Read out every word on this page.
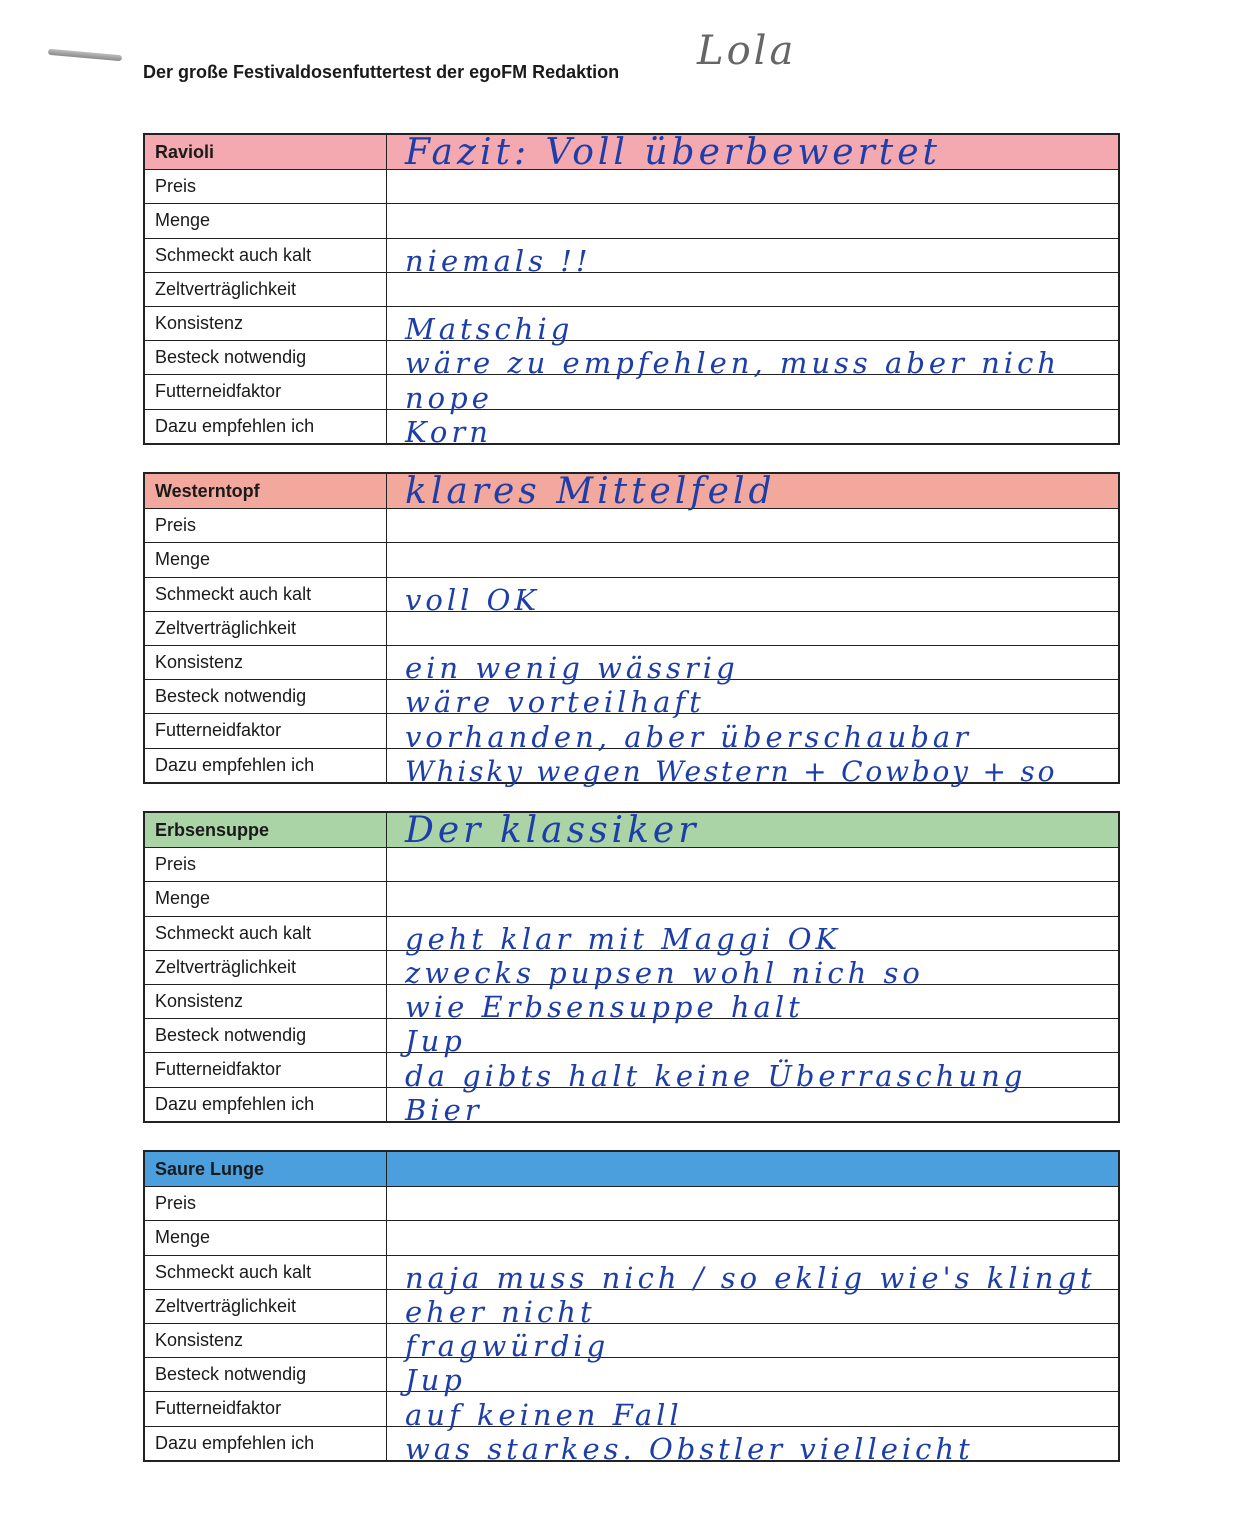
Der große Festivaldosenfuttertest der egoFM Redaktion Lola
Ravioli	Fazit: Voll überbewertet
Preis
Menge
Schmeckt auch kalt	niemals !!
Zeltverträglichkeit
Konsistenz	Matschig
Besteck notwendig	wäre zu empfehlen, muss aber nich
Futterneidfaktor	nope
Dazu empfehlen ich	Korn
Westerntopf	klares Mittelfeld
Preis
Menge
Schmeckt auch kalt	voll OK
Zeltverträglichkeit
Konsistenz	ein wenig wässrig
Besteck notwendig	wäre vorteilhaft
Futterneidfaktor	vorhanden, aber überschaubar
Dazu empfehlen ich	Whisky wegen Western + Cowboy + so
Erbsensuppe	Der klassiker
Preis
Menge
Schmeckt auch kalt	geht klar mit Maggi OK
Zeltverträglichkeit	zwecks pupsen wohl nich so
Konsistenz	wie Erbsensuppe halt
Besteck notwendig	Jup
Futterneidfaktor	da gibts halt keine Überraschung
Dazu empfehlen ich	Bier
Saure Lunge
Preis
Menge
Schmeckt auch kalt	naja muss nich / so eklig wie's klingt
Zeltverträglichkeit	eher nicht
Konsistenz	fragwürdig
Besteck notwendig	Jup
Futterneidfaktor	auf keinen Fall
Dazu empfehlen ich	was starkes. Obstler vielleicht
